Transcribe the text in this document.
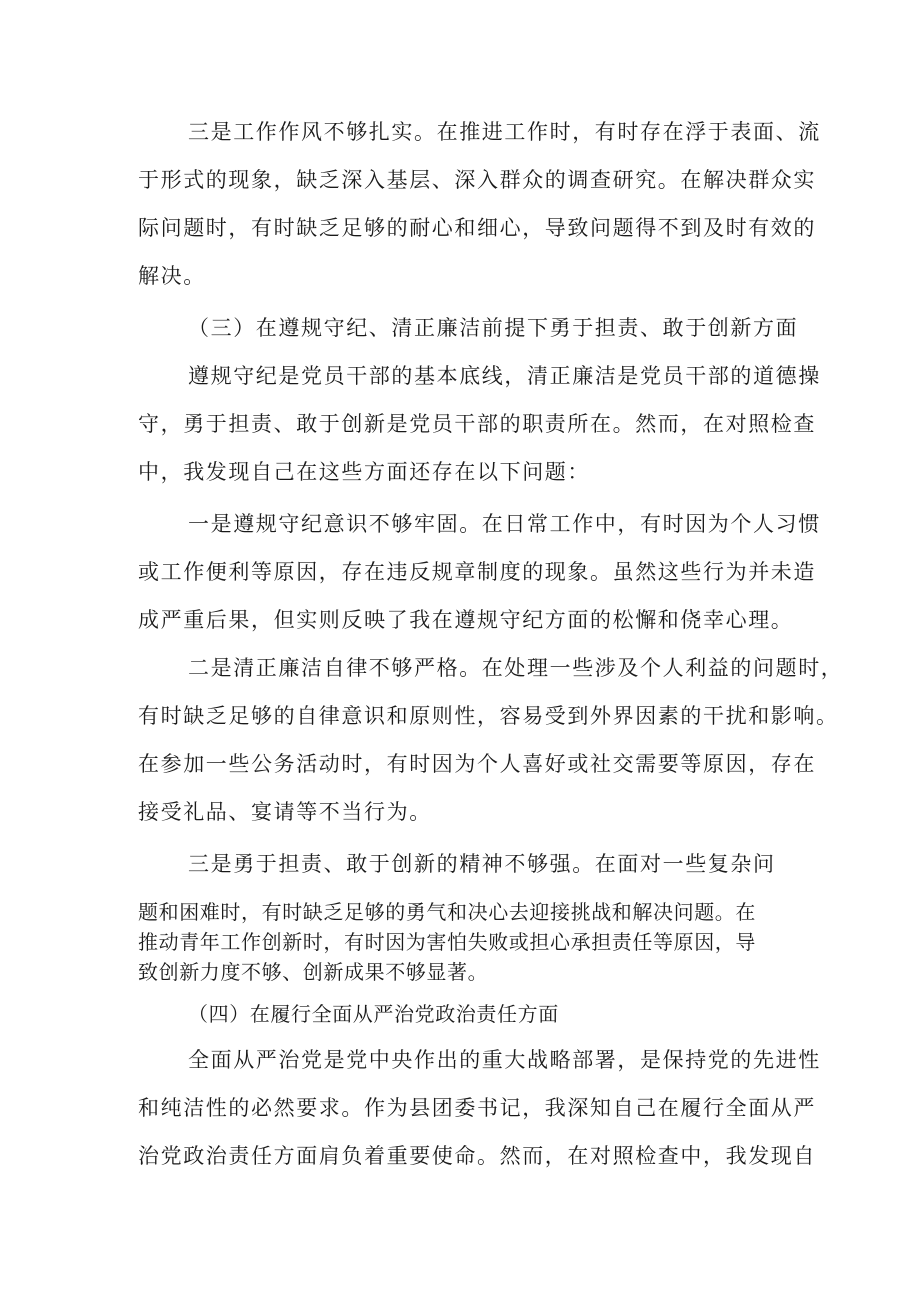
三是工作作风不够扎实。在推进工作时，有时存在浮于表面、流
于形式的现象，缺乏深入基层、深入群众的调查研究。在解决群众实
际问题时，有时缺乏足够的耐心和细心，导致问题得不到及时有效的
解决。
（三）在遵规守纪、清正廉洁前提下勇于担责、敢于创新方面
遵规守纪是党员干部的基本底线，清正廉洁是党员干部的道德操
守，勇于担责、敢于创新是党员干部的职责所在。然而，在对照检查
中，我发现自己在这些方面还存在以下问题：
一是遵规守纪意识不够牢固。在日常工作中，有时因为个人习惯
或工作便利等原因，存在违反规章制度的现象。虽然这些行为并未造
成严重后果，但实则反映了我在遵规守纪方面的松懈和侥幸心理。
二是清正廉洁自律不够严格。在处理一些涉及个人利益的问题时，
有时缺乏足够的自律意识和原则性，容易受到外界因素的干扰和影响。
在参加一些公务活动时，有时因为个人喜好或社交需要等原因，存在
接受礼品、宴请等不当行为。
三是勇于担责、敢于创新的精神不够强。在面对一些复杂问
题和困难时，有时缺乏足够的勇气和决心去迎接挑战和解决问题。在
推动青年工作创新时，有时因为害怕失败或担心承担责任等原因，导
致创新力度不够、创新成果不够显著。
（四）在履行全面从严治党政治责任方面
全面从严治党是党中央作出的重大战略部署，是保持党的先进性
和纯洁性的必然要求。作为县团委书记，我深知自己在履行全面从严
治党政治责任方面肩负着重要使命。然而，在对照检查中，我发现自
